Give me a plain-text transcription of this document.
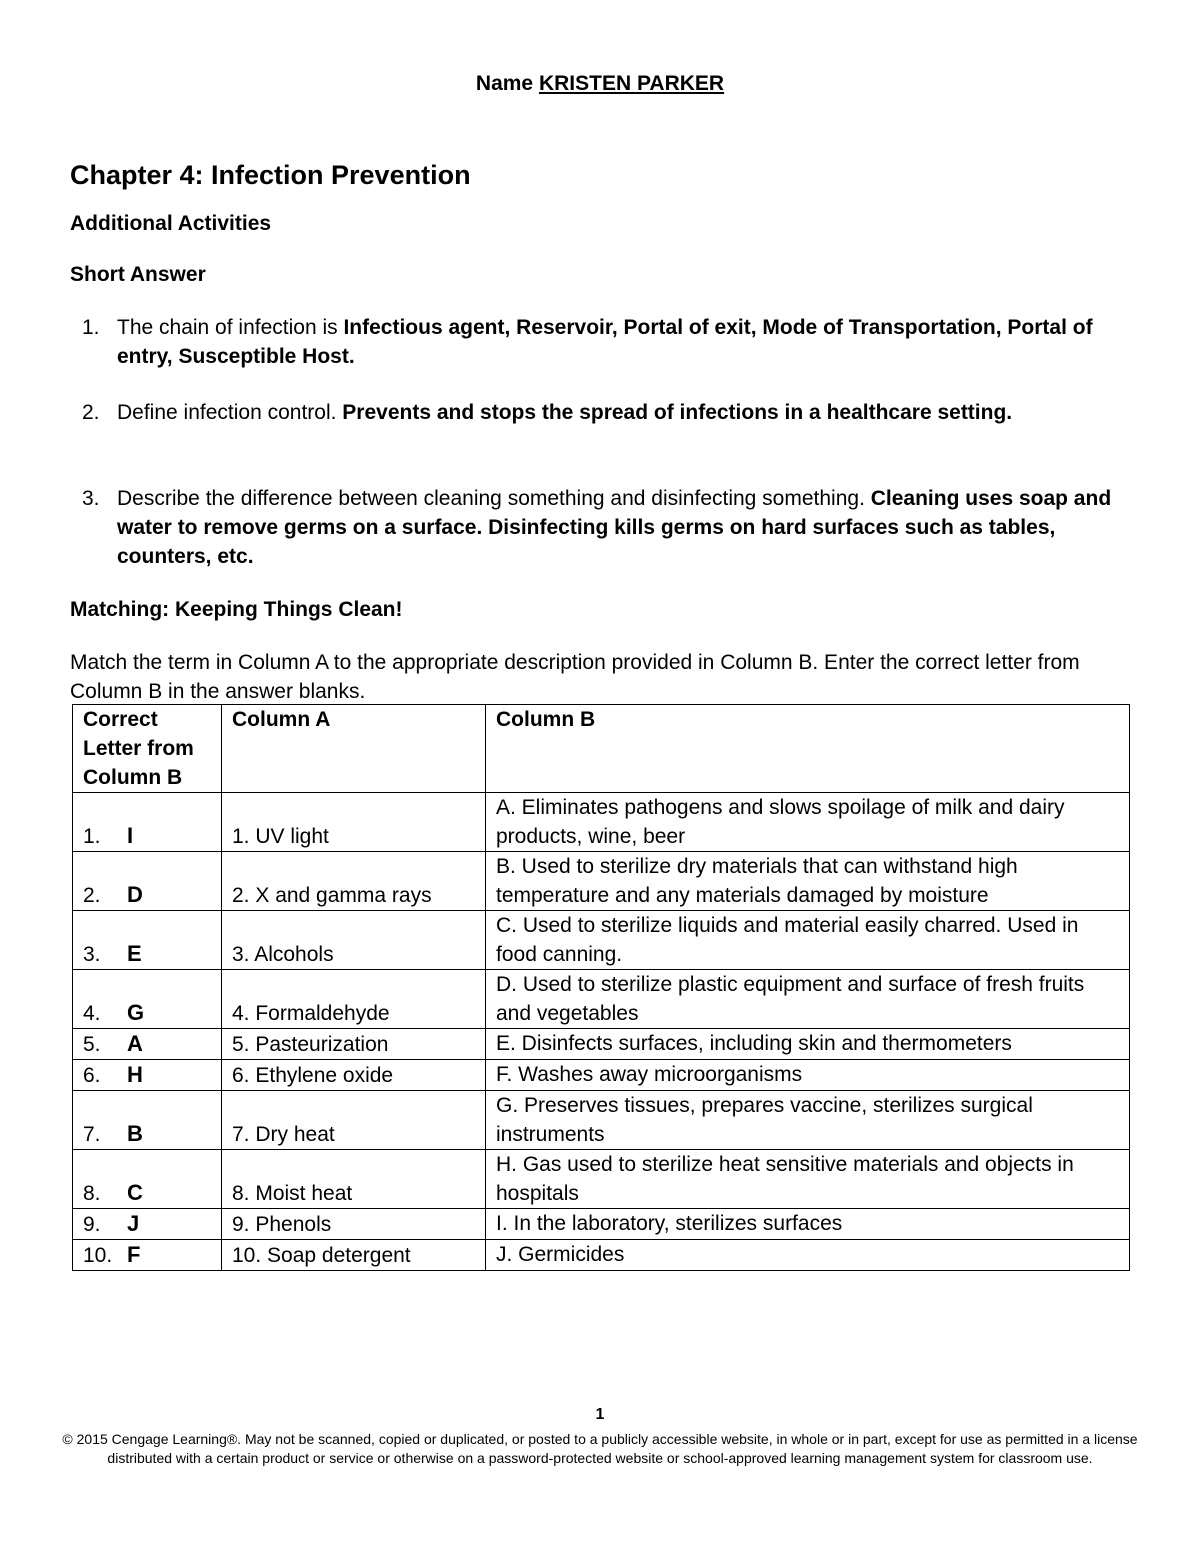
Name KRISTEN PARKER
Chapter 4: Infection Prevention
Additional Activities
Short Answer
1. The chain of infection is Infectious agent, Reservoir, Portal of exit, Mode of Transportation, Portal of entry, Susceptible Host.
2. Define infection control. Prevents and stops the spread of infections in a healthcare setting.
3. Describe the difference between cleaning something and disinfecting something. Cleaning uses soap and water to remove germs on a surface. Disinfecting kills germs on hard surfaces such as tables, counters, etc.
Matching: Keeping Things Clean!
Match the term in Column A to the appropriate description provided in Column B. Enter the correct letter from Column B in the answer blanks.
Correct Letter from Column B	Column A	Column B
1. I	1. UV light	A. Eliminates pathogens and slows spoilage of milk and dairy products, wine, beer
2. D	2. X and gamma rays	B. Used to sterilize dry materials that can withstand high temperature and any materials damaged by moisture
3. E	3. Alcohols	C. Used to sterilize liquids and material easily charred. Used in food canning.
4. G	4. Formaldehyde	D. Used to sterilize plastic equipment and surface of fresh fruits and vegetables
5. A	5. Pasteurization	E. Disinfects surfaces, including skin and thermometers
6. H	6. Ethylene oxide	F. Washes away microorganisms
7. B	7. Dry heat	G. Preserves tissues, prepares vaccine, sterilizes surgical instruments
8. C	8. Moist heat	H. Gas used to sterilize heat sensitive materials and objects in hospitals
9. J	9. Phenols	I. In the laboratory, sterilizes surfaces
10. F	10. Soap detergent	J. Germicides
1
© 2015 Cengage Learning®. May not be scanned, copied or duplicated, or posted to a publicly accessible website, in whole or in part, except for use as permitted in a license distributed with a certain product or service or otherwise on a password-protected website or school-approved learning management system for classroom use.
